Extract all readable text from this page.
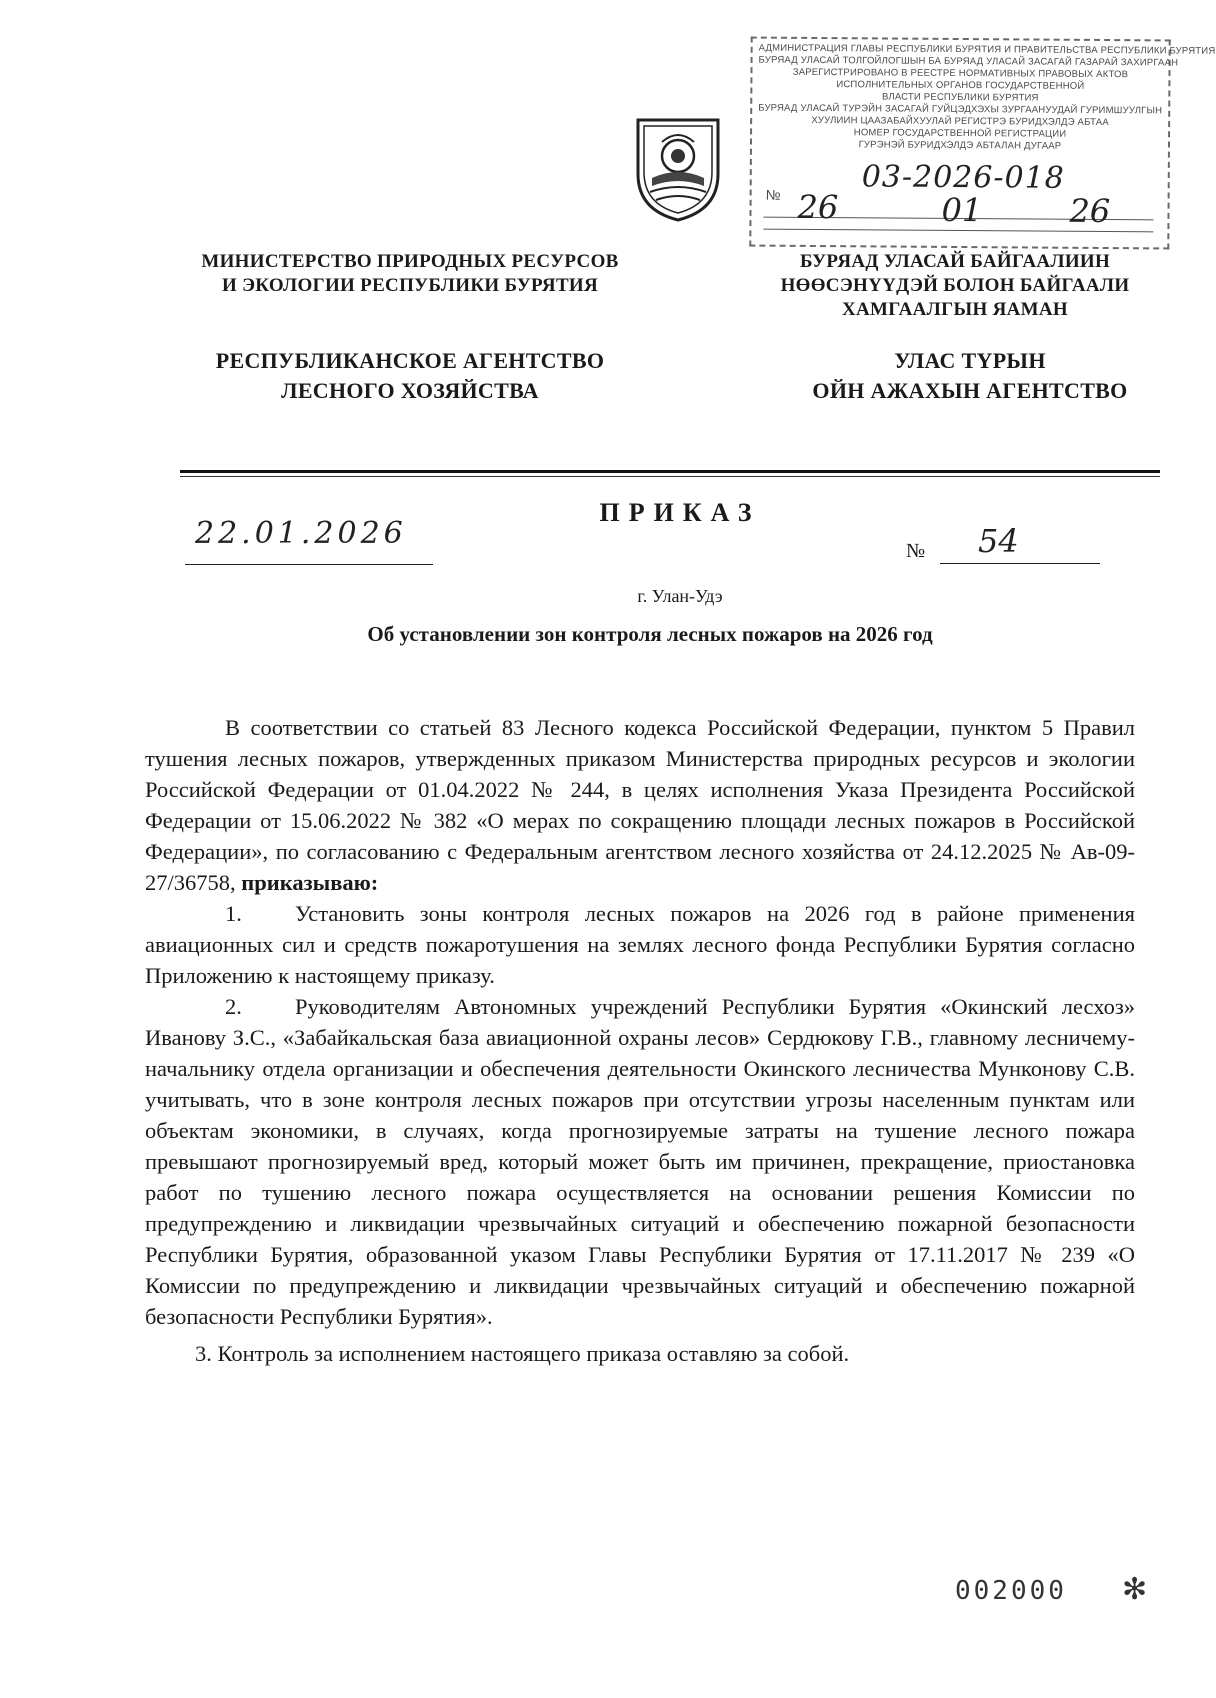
АДМИНИСТРАЦИЯ ГЛАВЫ РЕСПУБЛИКИ БУРЯТИЯ И ПРАВИТЕЛЬСТВА РЕСПУБЛИКИ БУРЯТИЯ
БУРЯАД УЛАСАЙ ТОЛГОЙЛОГШЫН БА БУРЯАД УЛАСАЙ ЗАСАГАЙ ГАЗАРАЙ ЗАХИРГААН
ЗАРЕГИСТРИРОВАНО В РЕЕСТРЕ НОРМАТИВНЫХ ПРАВОВЫХ АКТОВ
ИСПОЛНИТЕЛЬНЫХ ОРГАНОВ ГОСУДАРСТВЕННОЙ
ВЛАСТИ РЕСПУБЛИКИ БУРЯТИЯ
БУРЯАД УЛАСАЙ ТУРЭЙН ЗАСАГАЙ ГУЙЦЭДХЭХЫ ЗУРГААНУУДАЙ ГУРИМШУУЛГЫН
ХУУЛИИН ЦААЗАБАЙХУУЛАЙ РЕГИСТРЭ БУРИДХЭЛДЭ АБТАА
НОМЕР ГОСУДАРСТВЕННОЙ РЕГИСТРАЦИИ
ГУРЭНЭЙ БУРИДХЭЛДЭ АБТАЛАН ДУГААР
№	03-2026-018
26	01	26
МИНИСТЕРСТВО ПРИРОДНЫХ РЕСУРСОВ
И ЭКОЛОГИИ РЕСПУБЛИКИ БУРЯТИЯ
БУРЯАД УЛАСАЙ БАЙГААЛИИН
НӨӨСЭНҮҮДЭЙ БОЛОН БАЙГААЛИ
ХАМГААЛГЫН ЯАМАН
РЕСПУБЛИКАНСКОЕ АГЕНТСТВО
ЛЕСНОГО ХОЗЯЙСТВА
УЛАС ТҮРЫН
ОЙН АЖАХЫН АГЕНТСТВО
ПРИКАЗ
22.01.2026	№ 54
г. Улан-Удэ
Об установлении зон контроля лесных пожаров на 2026 год

В соответствии со статьей 83 Лесного кодекса Российской Федерации, пунктом 5 Правил тушения лесных пожаров, утвержденных приказом Министерства природных ресурсов и экологии Российской Федерации от 01.04.2022 № 244, в целях исполнения Указа Президента Российской Федерации от 15.06.2022 № 382 «О мерах по сокращению площади лесных пожаров в Российской Федерации», по согласованию с Федеральным агентством лесного хозяйства от 24.12.2025 № Ав-09-27/36758, приказываю:

1. Установить зоны контроля лесных пожаров на 2026 год в районе применения авиационных сил и средств пожаротушения на землях лесного фонда Республики Бурятия согласно Приложению к настоящему приказу.

2. Руководителям Автономных учреждений Республики Бурятия «Окинский лесхоз» Иванову З.С., «Забайкальская база авиационной охраны лесов» Сердюкову Г.В., главному лесничему-начальнику отдела организации и обеспечения деятельности Окинского лесничества Мунконову С.В. учитывать, что в зоне контроля лесных пожаров при отсутствии угрозы населенным пунктам или объектам экономики, в случаях, когда прогнозируемые затраты на тушение лесного пожара превышают прогнозируемый вред, который может быть им причинен, прекращение, приостановка работ по тушению лесного пожара осуществляется на основании решения Комиссии по предупреждению и ликвидации чрезвычайных ситуаций и обеспечению пожарной безопасности Республики Бурятия, образованной указом Главы Республики Бурятия от 17.11.2017 № 239 «О Комиссии по предупреждению и ликвидации чрезвычайных ситуаций и обеспечению пожарной безопасности Республики Бурятия».

3. Контроль за исполнением настоящего приказа оставляю за собой.

002000 ✻
